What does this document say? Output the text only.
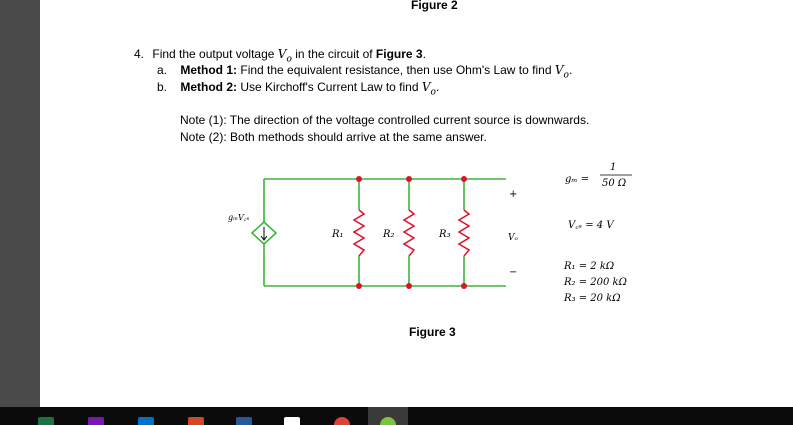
Figure 2
4. Find the output voltage $V_o$ in the circuit of Figure 3.
a. Method 1: Find the equivalent resistance, then use Ohm's Law to find $V_o$.
b. Method 2: Use Kirchoff's Current Law to find $V_o$.
Note (1): The direction of the voltage controlled current source is downwards.
Note (2): Both methods should arrive at the same answer.
gₘV꜀ₛ
R₁	R₂	R₃
+
Vₒ
−
gₘ =
1
50 Ω
V꜀ₛ = 4 V
R₁ = 2 kΩ
R₂ = 200 kΩ
R₃ = 20 kΩ
Figure 3
